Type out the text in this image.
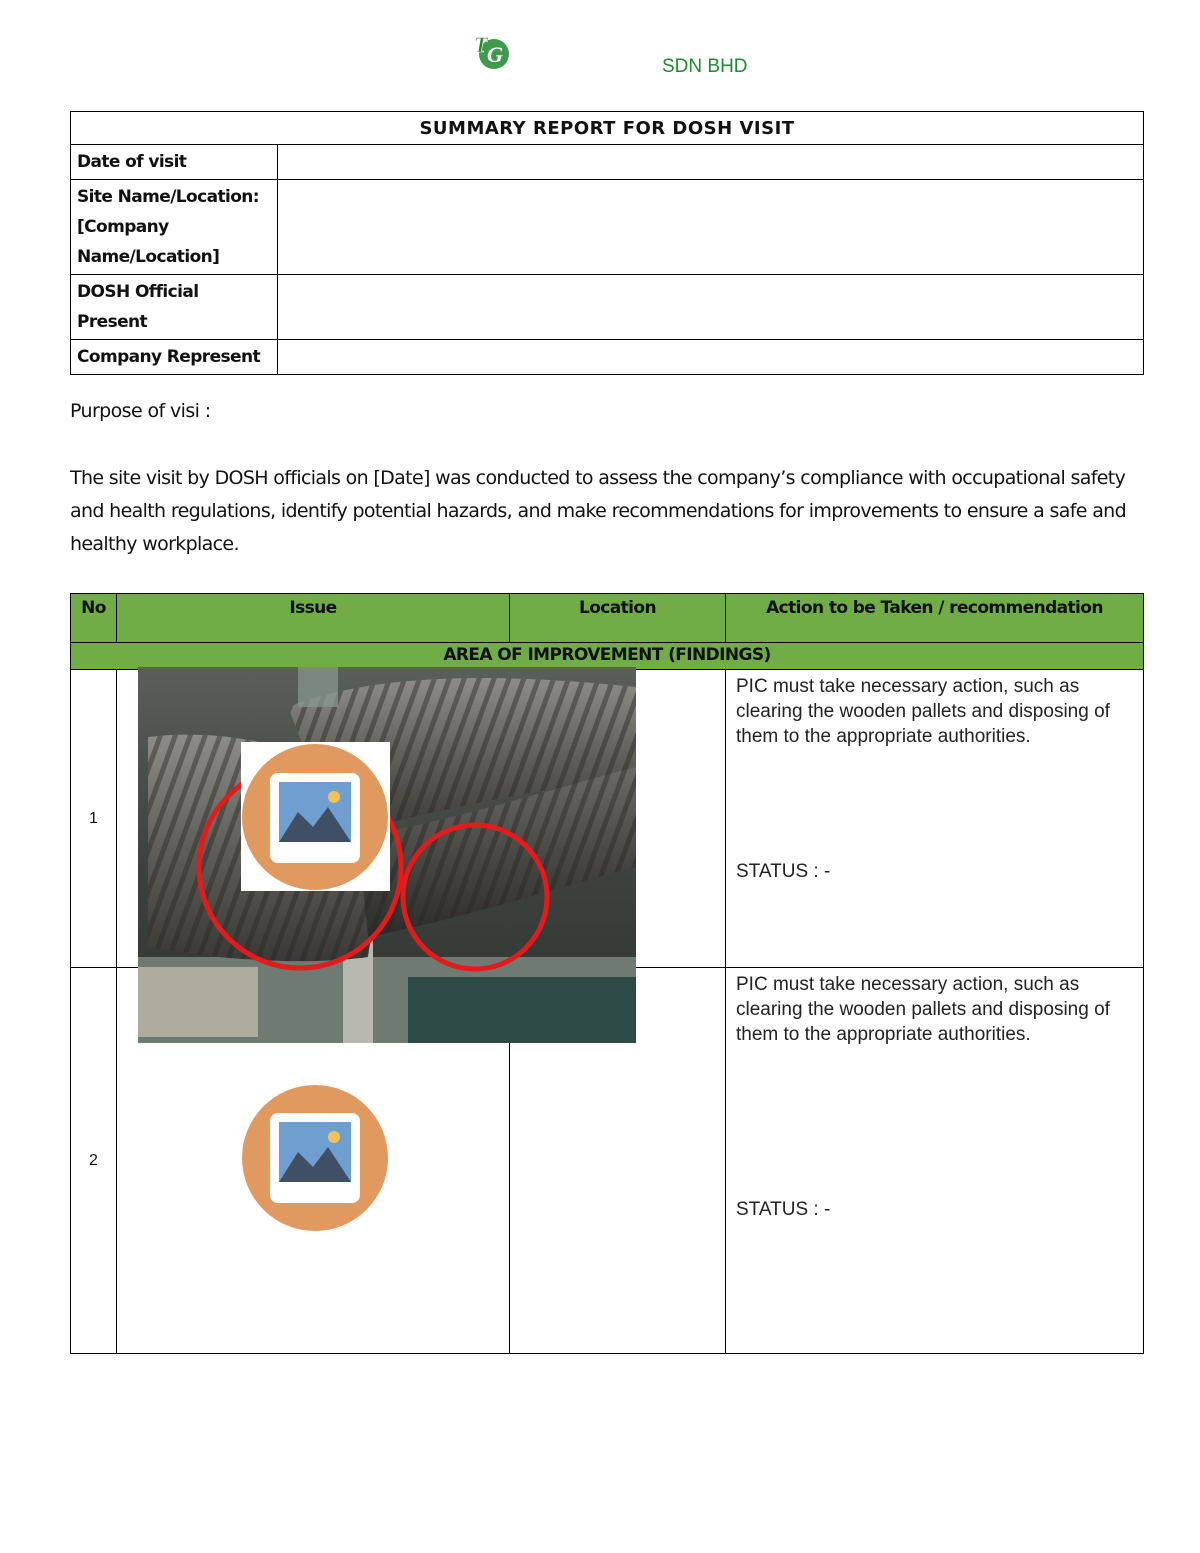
T G	SDN BHD
SUMMARY REPORT FOR DOSH VISIT	
Date of visit	
Site Name/Location: [Company Name/Location]	
DOSH Official Present	
Company Represent	
Purpose of visi :
The site visit by DOSH officials on [Date] was conducted to assess the company’s compliance with occupational safety and health regulations, identify potential hazards, and make recommendations for improvements to ensure a safe and healthy workplace.
No	Issue	Location	Action to be Taken / recommendation
AREA OF IMPROVEMENT (FINDINGS)			
1			PIC must take necessary action, such as clearing the wooden pallets and disposing of them to the appropriate authorities.
STATUS : -

2			PIC must take necessary action, such as clearing the wooden pallets and disposing of them to the appropriate authorities.
STATUS : -
